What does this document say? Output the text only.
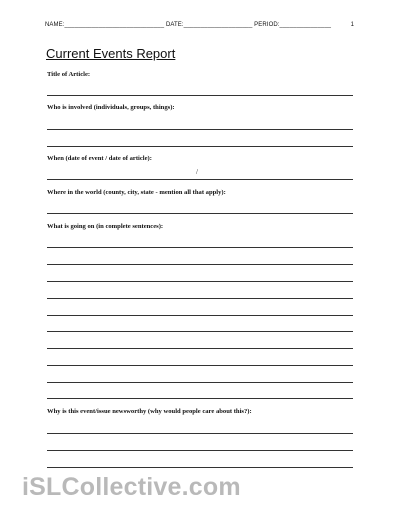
NAME:_____________________________ DATE:____________________ PERIOD:_______________	1
Current Events Report
Title of Article:
Who is involved (individuals, groups, things):
When (date of event / date of article):
/
Where in the world (county, city, state - mention all that apply):
What is going on (in complete sentences):
Why is this event/issue newsworthy (why would people care about this?):
iSLCollective.com
